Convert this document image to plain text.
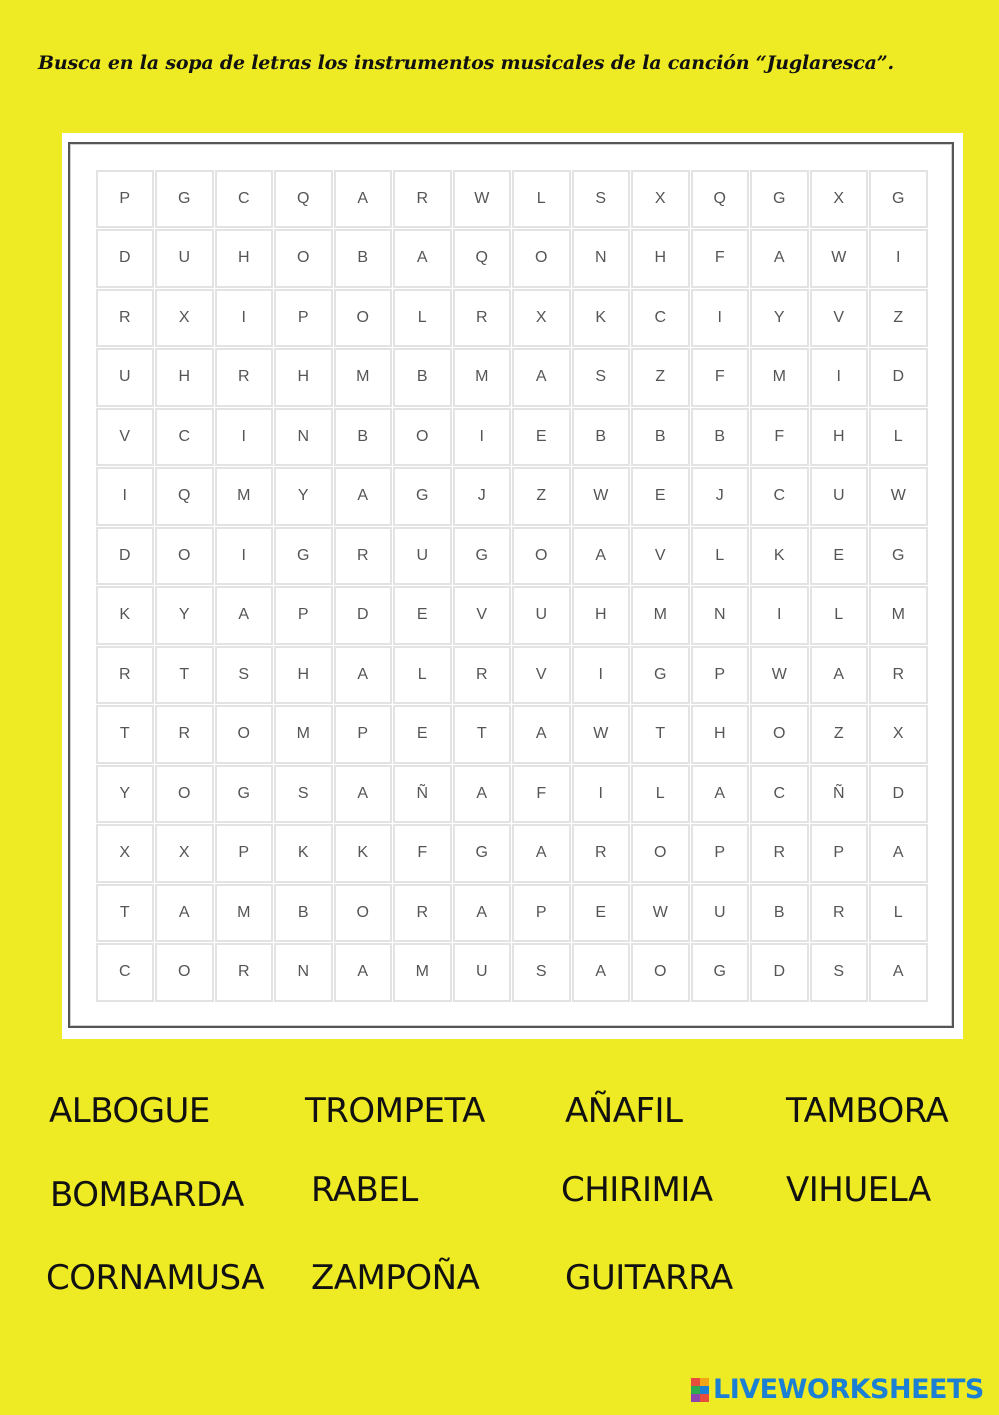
Busca en la sopa de letras los instrumentos musicales de la canción “Juglaresca”.
P	G	C	Q	A	R	W	L	S	X	Q	G	X	G
D	U	H	O	B	A	Q	O	N	H	F	A	W	I
R	X	I	P	O	L	R	X	K	C	I	Y	V	Z
U	H	R	H	M	B	M	A	S	Z	F	M	I	D
V	C	I	N	B	O	I	E	B	B	B	F	H	L
I	Q	M	Y	A	G	J	Z	W	E	J	C	U	W
D	O	I	G	R	U	G	O	A	V	L	K	E	G
K	Y	A	P	D	E	V	U	H	M	N	I	L	M
R	T	S	H	A	L	R	V	I	G	P	W	A	R
T	R	O	M	P	E	T	A	W	T	H	O	Z	X
Y	O	G	S	A	Ñ	A	F	I	L	A	C	Ñ	D
X	X	P	K	K	F	G	A	R	O	P	R	P	A
T	A	M	B	O	R	A	P	E	W	U	B	R	L
C	O	R	N	A	M	U	S	A	O	G	D	S	A
ALBOGUE	TROMPETA AÑAFIL	TAMBORA
BOMBARDA RABEL	CHIRIMIA VIHUELA
CORNAMUSA ZAMPOÑA	GUITARRA
LIVEWORKSHEETS
